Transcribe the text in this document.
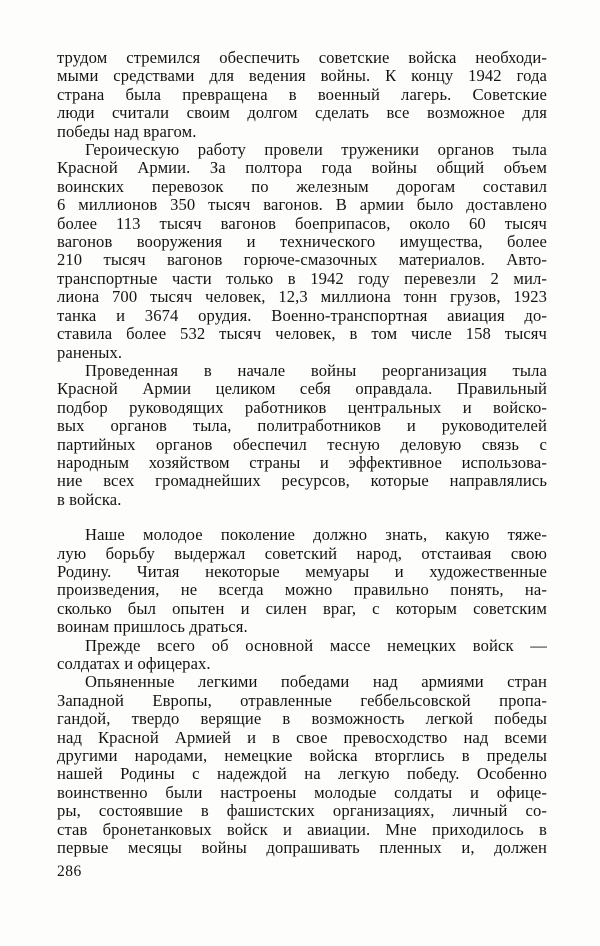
трудом стремился обеспечить советские войска необходи-
мыми средствами для ведения войны. К концу 1942 года
страна была превращена в военный лагерь. Советские
люди считали своим долгом сделать все возможное для
победы над врагом.
Героическую работу провели труженики органов тыла
Красной Армии. За полтора года войны общий объем
воинских перевозок по железным дорогам составил
6 миллионов 350 тысяч вагонов. В армии было доставлено
более 113 тысяч вагонов боеприпасов, около 60 тысяч
вагонов вооружения и технического имущества, более
210 тысяч вагонов горюче-смазочных материалов. Авто-
транспортные части только в 1942 году перевезли 2 мил-
лиона 700 тысяч человек, 12,3 миллиона тонн грузов, 1923
танка и 3674 орудия. Военно-транспортная авиация до-
ставила более 532 тысяч человек, в том числе 158 тысяч
раненых.
Проведенная в начале войны реорганизация тыла
Красной Армии целиком себя оправдала. Правильный
подбор руководящих работников центральных и войско-
вых органов тыла, политработников и руководителей
партийных органов обеспечил тесную деловую связь с
народным хозяйством страны и эффективное использова-
ние всех громаднейших ресурсов, которые направлялись
в войска.
Наше молодое поколение должно знать, какую тяже-
лую борьбу выдержал советский народ, отстаивая свою
Родину. Читая некоторые мемуары и художественные
произведения, не всегда можно правильно понять, на-
сколько был опытен и силен враг, с которым советским
воинам пришлось драться.
Прежде всего об основной массе немецких войск —
солдатах и офицерах.
Опьяненные легкими победами над армиями стран
Западной Европы, отравленные геббельсовской пропа-
гандой, твердо верящие в возможность легкой победы
над Красной Армией и в свое превосходство над всеми
другими народами, немецкие войска вторглись в пределы
нашей Родины с надеждой на легкую победу. Особенно
воинственно были настроены молодые солдаты и офице-
ры, состоявшие в фашистских организациях, личный со-
став бронетанковых войск и авиации. Мне приходилось в
первые месяцы войны допрашивать пленных и, должен
286
